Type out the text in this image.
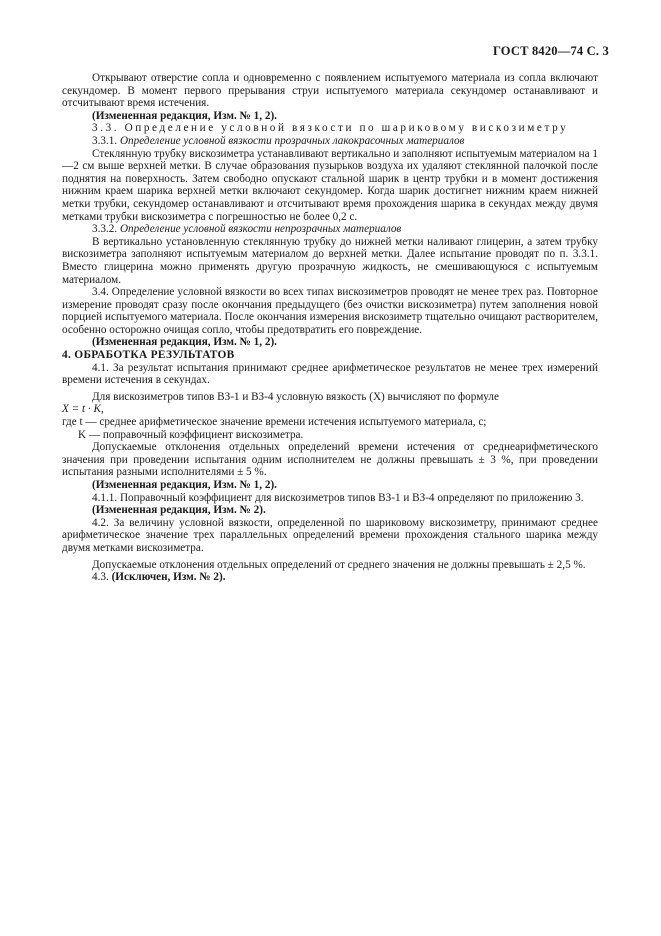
ГОСТ 8420—74 С. 3

Открывают отверстие сопла и одновременно с появлением испытуемого материала из сопла включают секундомер. В момент первого прерывания струи испытуемого материала секундомер останавливают и отсчитывают время истечения.

(Измененная редакция, Изм. № 1, 2).

3.3. Определение условной вязкости по шариковому вискозиметру

3.3.1. Определение условной вязкости прозрачных лакокрасочных материалов

Стеклянную трубку вискозиметра устанавливают вертикально и заполняют испытуемым материалом на 1—2 см выше верхней метки. В случае образования пузырьков воздуха их удаляют стеклянной палочкой после поднятия на поверхность. Затем свободно опускают стальной шарик в центр трубки и в момент достижения нижним краем шарика верхней метки включают секундомер. Когда шарик достигнет нижним краем нижней метки трубки, секундомер останавливают и отсчитывают время прохождения шарика в секундах между двумя метками трубки вискозиметра с погрешностью не более 0,2 с.

3.3.2. Определение условной вязкости непрозрачных материалов

В вертикально установленную стеклянную трубку до нижней метки наливают глицерин, а затем трубку вискозиметра заполняют испытуемым материалом до верхней метки. Далее испытание проводят по п. 3.3.1. Вместо глицерина можно применять другую прозрачную жидкость, не смешивающуюся с испытуемым материалом.

3.4. Определение условной вязкости во всех типах вискозиметров проводят не менее трех раз. Повторное измерение проводят сразу после окончания предыдущего (без очистки вискозиметра) путем заполнения новой порцией испытуемого материала. После окончания измерения вискозиметр тщательно очищают растворителем, особенно осторожно очищая сопло, чтобы предотвратить его повреждение.

(Измененная редакция, Изм. № 1, 2).

4. ОБРАБОТКА РЕЗУЛЬТАТОВ

4.1. За результат испытания принимают среднее арифметическое результатов не менее трех измерений времени истечения в секундах.

Для вискозиметров типов ВЗ-1 и ВЗ-4 условную вязкость (X) вычисляют по формуле

X = t · K,

где t — среднее арифметическое значение времени истечения испытуемого материала, с;

K — поправочный коэффициент вискозиметра.

Допускаемые отклонения отдельных определений времени истечения от среднеарифметического значения при проведении испытания одним исполнителем не должны превышать ± 3 %, при проведении испытания разными исполнителями ± 5 %.

(Измененная редакция, Изм. № 1, 2).

4.1.1. Поправочный коэффициент для вискозиметров типов ВЗ-1 и ВЗ-4 определяют по приложению 3.

(Измененная редакция, Изм. № 2).

4.2. За величину условной вязкости, определенной по шариковому вискозиметру, принимают среднее арифметическое значение трех параллельных определений времени прохождения стального шарика между двумя метками вискозиметра.

Допускаемые отклонения отдельных определений от среднего значения не должны превышать ± 2,5 %.

4.3. (Исключен, Изм. № 2).
